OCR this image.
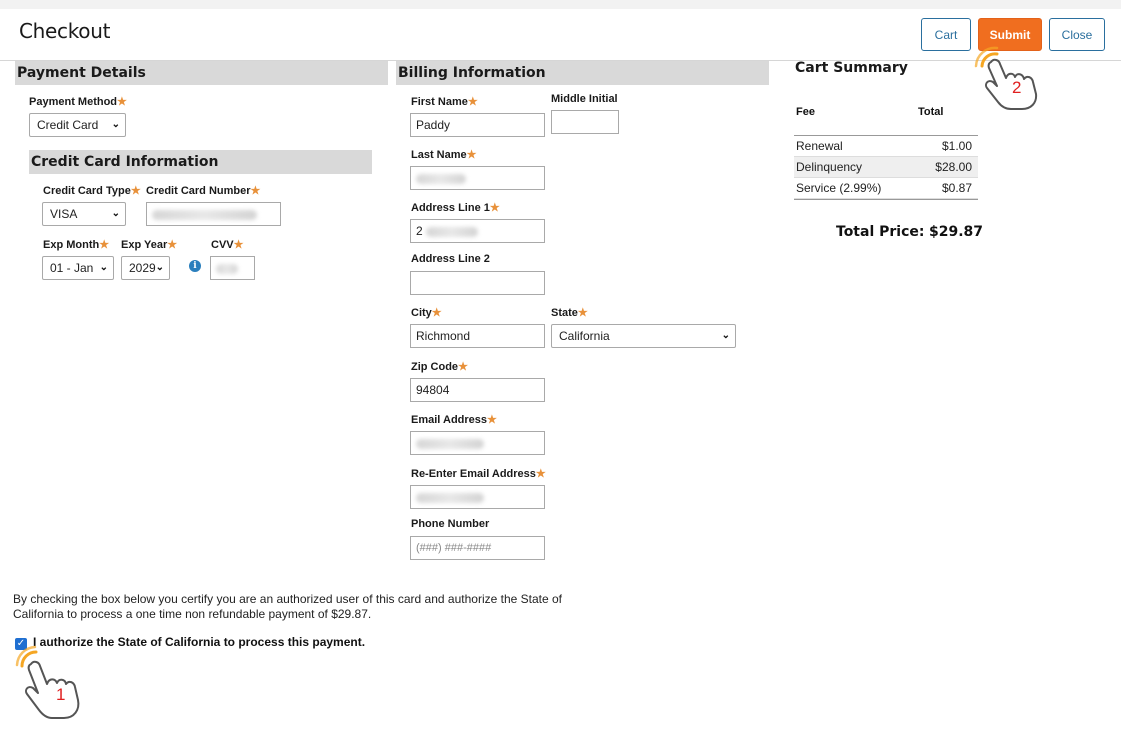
Checkout	Cart	Submit	Close
Payment Details
Payment Method★
Credit Card ⌄
Credit Card Information
Credit Card Type★
VISA	⌄
Credit Card Number★
Exp Month★
01 - Jan ⌄
Exp Year★
2029 ⌄	i
CVV★
Billing Information
First Name★
Paddy
Middle Initial
Last Name★
Address Line 1★
2
Address Line 2
City★
Richmond
State★
California	⌄
Zip Code★
94804
Email Address★
Re-Enter Email Address★
Phone Number
(###) ###-####
Cart Summary
Fee	Total
Renewal	$1.00
Delinquency	$28.00
Service (2.99%)	$0.87
Total Price: $29.87
By checking the box below you certify you are an authorized user of this card and authorize the State of California to process a one time non refundable payment of $29.87.
✓ I authorize the State of California to process this payment.
1
2
